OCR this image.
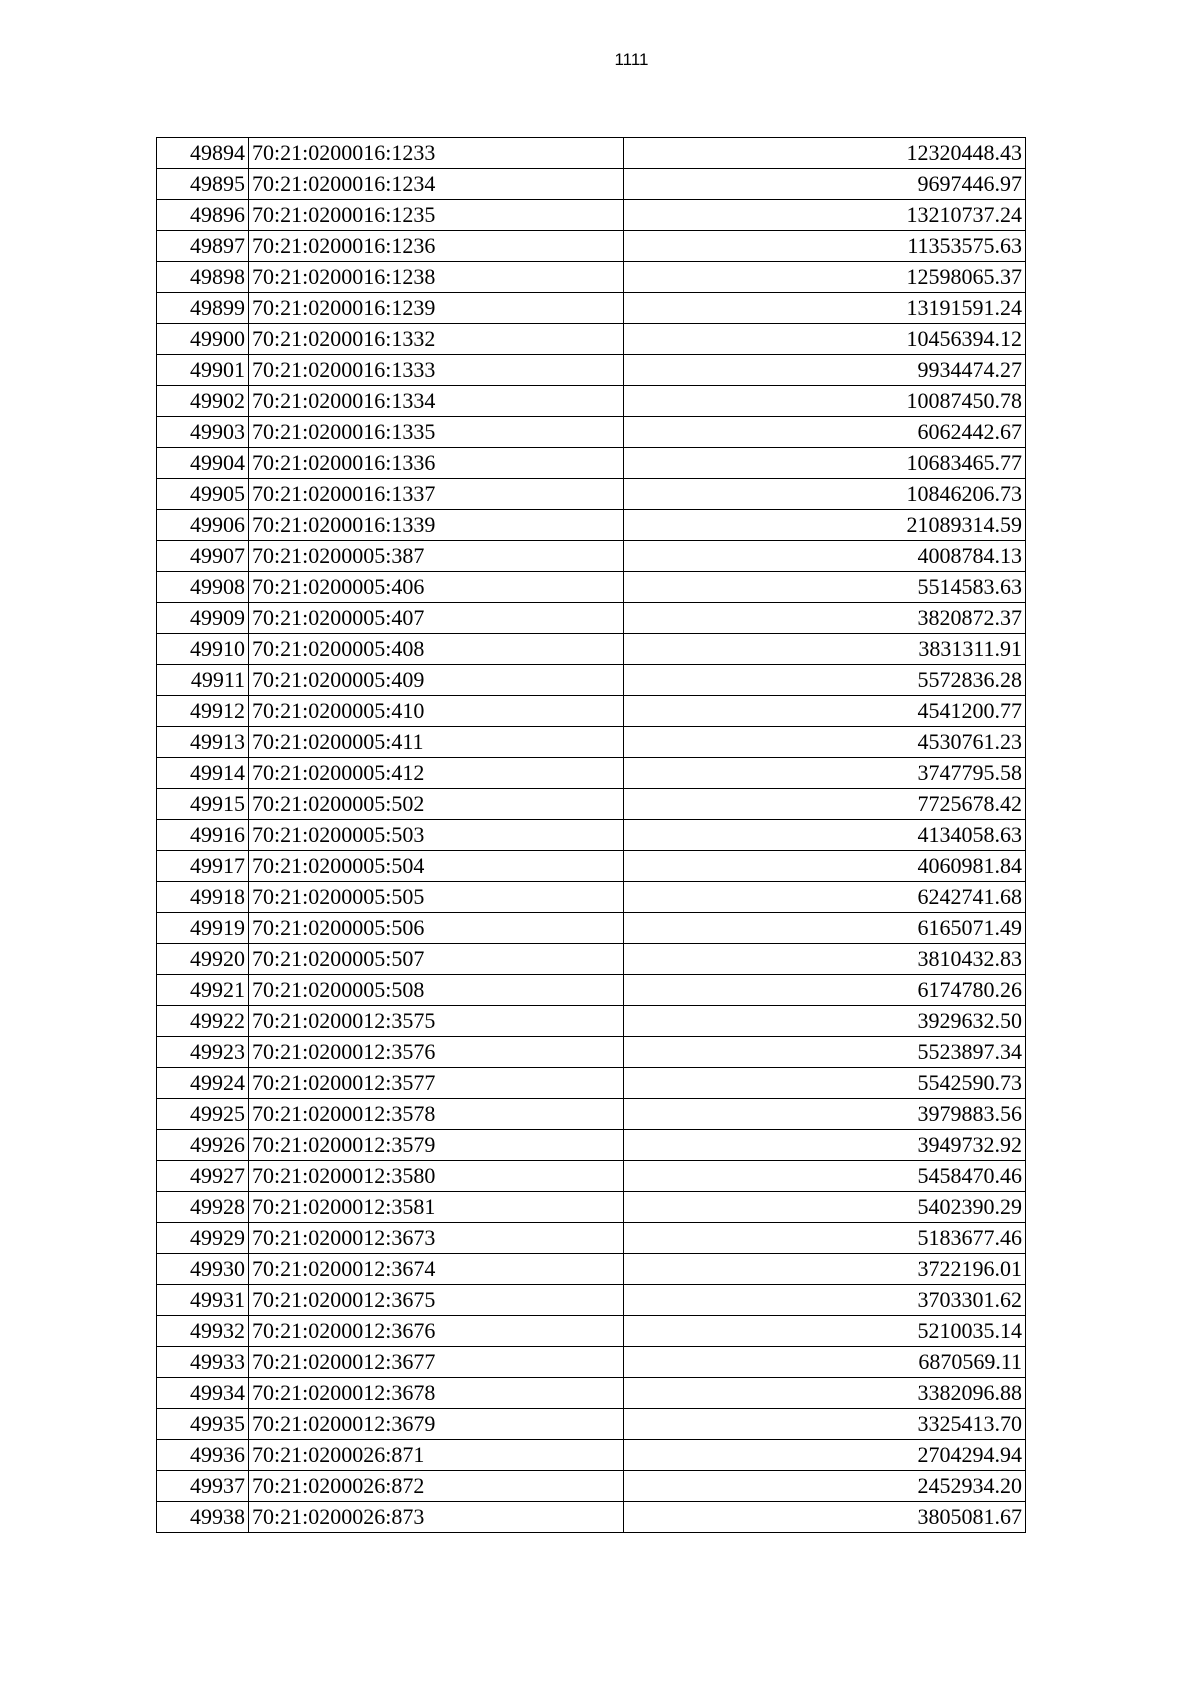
1111
49894	70:21:0200016:1233	12320448.43
49895	70:21:0200016:1234	9697446.97
49896	70:21:0200016:1235	13210737.24
49897	70:21:0200016:1236	11353575.63
49898	70:21:0200016:1238	12598065.37
49899	70:21:0200016:1239	13191591.24
49900	70:21:0200016:1332	10456394.12
49901	70:21:0200016:1333	9934474.27
49902	70:21:0200016:1334	10087450.78
49903	70:21:0200016:1335	6062442.67
49904	70:21:0200016:1336	10683465.77
49905	70:21:0200016:1337	10846206.73
49906	70:21:0200016:1339	21089314.59
49907	70:21:0200005:387	4008784.13
49908	70:21:0200005:406	5514583.63
49909	70:21:0200005:407	3820872.37
49910	70:21:0200005:408	3831311.91
49911	70:21:0200005:409	5572836.28
49912	70:21:0200005:410	4541200.77
49913	70:21:0200005:411	4530761.23
49914	70:21:0200005:412	3747795.58
49915	70:21:0200005:502	7725678.42
49916	70:21:0200005:503	4134058.63
49917	70:21:0200005:504	4060981.84
49918	70:21:0200005:505	6242741.68
49919	70:21:0200005:506	6165071.49
49920	70:21:0200005:507	3810432.83
49921	70:21:0200005:508	6174780.26
49922	70:21:0200012:3575	3929632.50
49923	70:21:0200012:3576	5523897.34
49924	70:21:0200012:3577	5542590.73
49925	70:21:0200012:3578	3979883.56
49926	70:21:0200012:3579	3949732.92
49927	70:21:0200012:3580	5458470.46
49928	70:21:0200012:3581	5402390.29
49929	70:21:0200012:3673	5183677.46
49930	70:21:0200012:3674	3722196.01
49931	70:21:0200012:3675	3703301.62
49932	70:21:0200012:3676	5210035.14
49933	70:21:0200012:3677	6870569.11
49934	70:21:0200012:3678	3382096.88
49935	70:21:0200012:3679	3325413.70
49936	70:21:0200026:871	2704294.94
49937	70:21:0200026:872	2452934.20
49938	70:21:0200026:873	3805081.67
